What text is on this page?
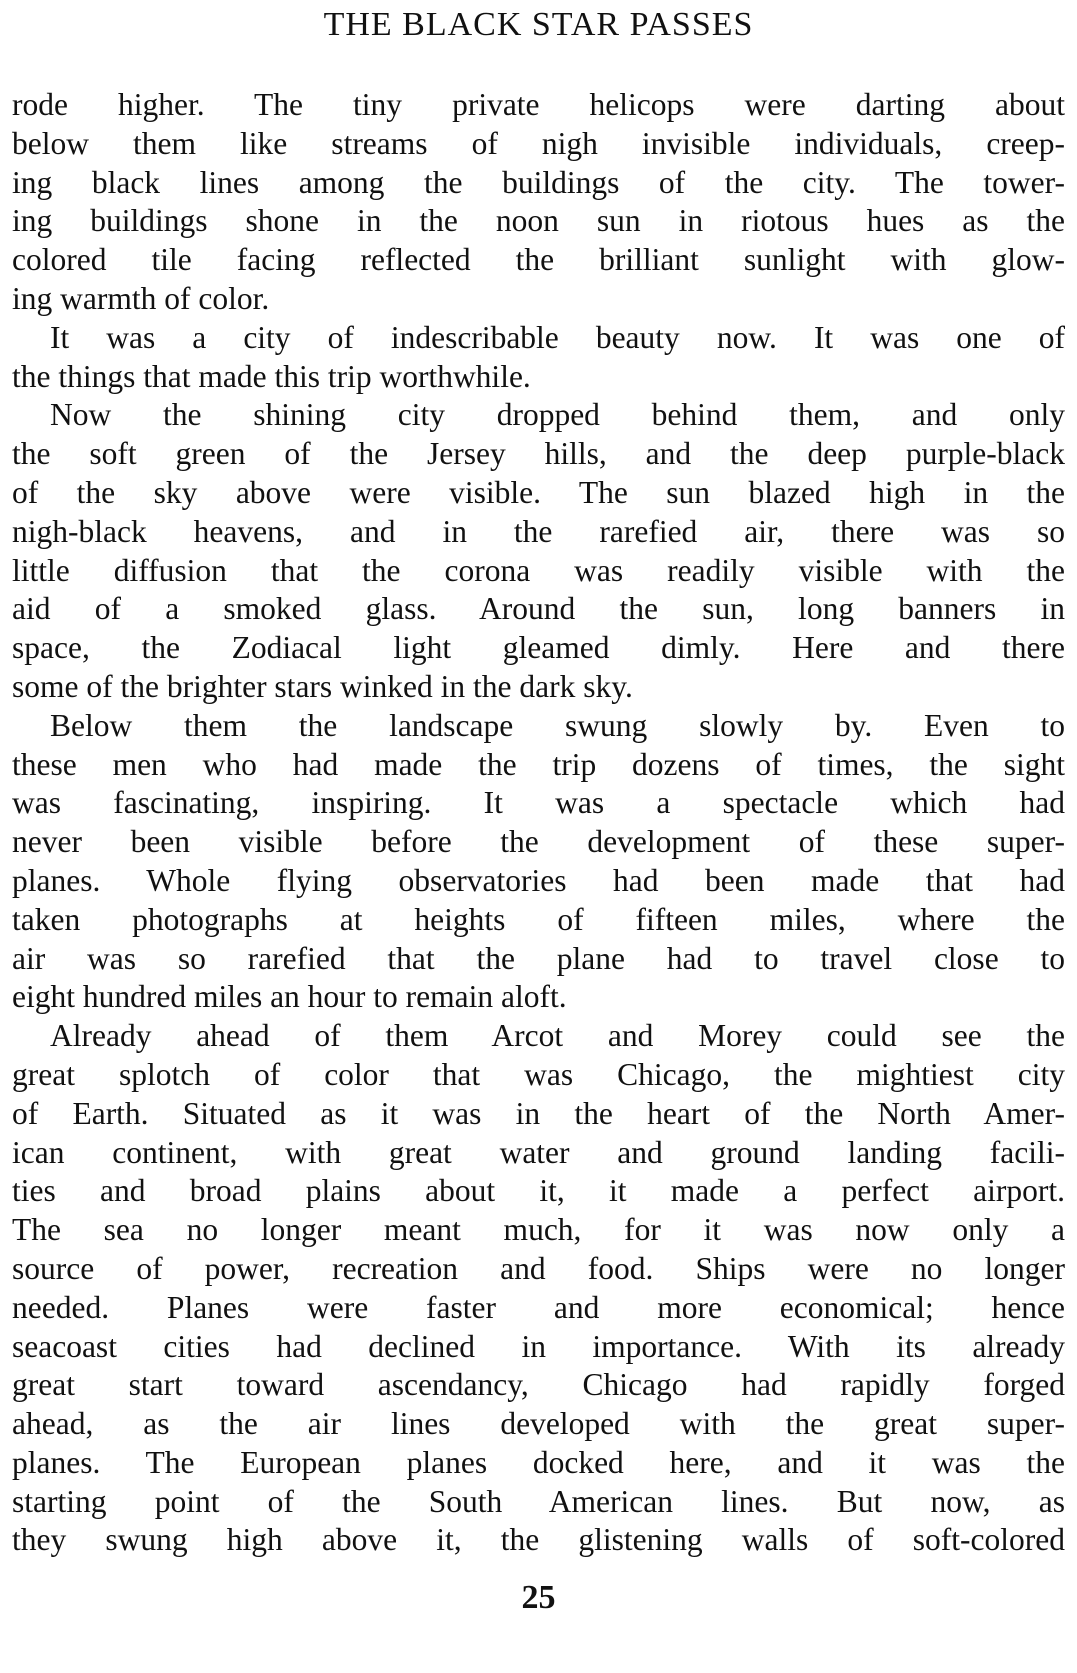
THE BLACK STAR PASSES
rode higher. The tiny private helicops were darting about
below them like streams of nigh invisible individuals, creep-
ing black lines among the buildings of the city. The tower-
ing buildings shone in the noon sun in riotous hues as the
colored tile facing reflected the brilliant sunlight with glow-
ing warmth of color.
It was a city of indescribable beauty now. It was one of
the things that made this trip worthwhile.
Now the shining city dropped behind them, and only
the soft green of the Jersey hills, and the deep purple-black
of the sky above were visible. The sun blazed high in the
nigh-black heavens, and in the rarefied air, there was so
little diffusion that the corona was readily visible with the
aid of a smoked glass. Around the sun, long banners in
space, the Zodiacal light gleamed dimly. Here and there
some of the brighter stars winked in the dark sky.
Below them the landscape swung slowly by. Even to
these men who had made the trip dozens of times, the sight
was fascinating, inspiring. It was a spectacle which had
never been visible before the development of these super-
planes. Whole flying observatories had been made that had
taken photographs at heights of fifteen miles, where the
air was so rarefied that the plane had to travel close to
eight hundred miles an hour to remain aloft.
Already ahead of them Arcot and Morey could see the
great splotch of color that was Chicago, the mightiest city
of Earth. Situated as it was in the heart of the North Amer-
ican continent, with great water and ground landing facili-
ties and broad plains about it, it made a perfect airport.
The sea no longer meant much, for it was now only a
source of power, recreation and food. Ships were no longer
needed. Planes were faster and more economical; hence
seacoast cities had declined in importance. With its already
great start toward ascendancy, Chicago had rapidly forged
ahead, as the air lines developed with the great super-
planes. The European planes docked here, and it was the
starting point of the South American lines. But now, as
they swung high above it, the glistening walls of soft-colored
25
